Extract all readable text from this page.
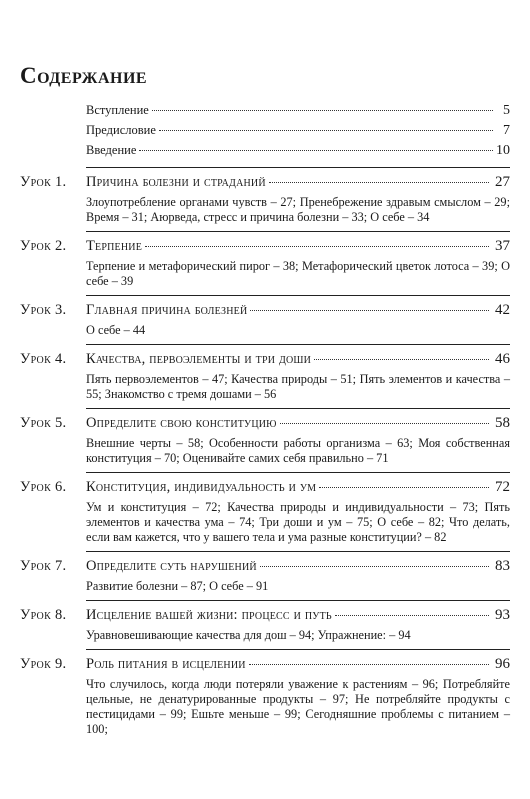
Содержание
Вступление	5
Предисловие	7
Введение	10
Урок 1.	Причина болезни и страданий	27
Злоупотребление органами чувств – 27; Пренебрежение здравым смыслом – 29; Время – 31; Аюрведа, стресс и причина болезни – 33; О себе – 34
Урок 2.	Терпение	37
Терпение и метафорический пирог – 38; Метафорический цветок лотоса – 39; О себе – 39
Урок 3.	Главная причина болезней	42
О себе – 44
Урок 4.	Качества, первоэлементы и три доши	46
Пять первоэлементов – 47; Качества природы – 51; Пять элементов и качества – 55; Знакомство с тремя дошами – 56
Урок 5.	Определите свою конституцию	58
Внешние черты – 58; Особенности работы организма – 63; Моя собственная конституция – 70; Оценивайте самих себя правильно – 71
Урок 6.	Конституция, индивидуальность и ум	72
Ум и конституция – 72; Качества природы и индивидуальности – 73; Пять элементов и качества ума – 74; Три доши и ум – 75; О себе – 82; Что делать, если вам кажется, что у вашего тела и ума разные конституции? – 82
Урок 7.	Определите суть нарушений	83
Развитие болезни – 87; О себе – 91
Урок 8.	Исцеление вашей жизни: процесс и путь	93
Уравновешивающие качества для дош – 94; Упражнение: – 94
Урок 9.	Роль питания в исцелении	96
Что случилось, когда люди потеряли уважение к растениям – 96; Потребляйте цельные, не денатурированные продукты – 97; Не потребляйте продукты с пестицидами – 99; Ешьте меньше – 99; Сегодняшние проблемы с питанием – 100;
